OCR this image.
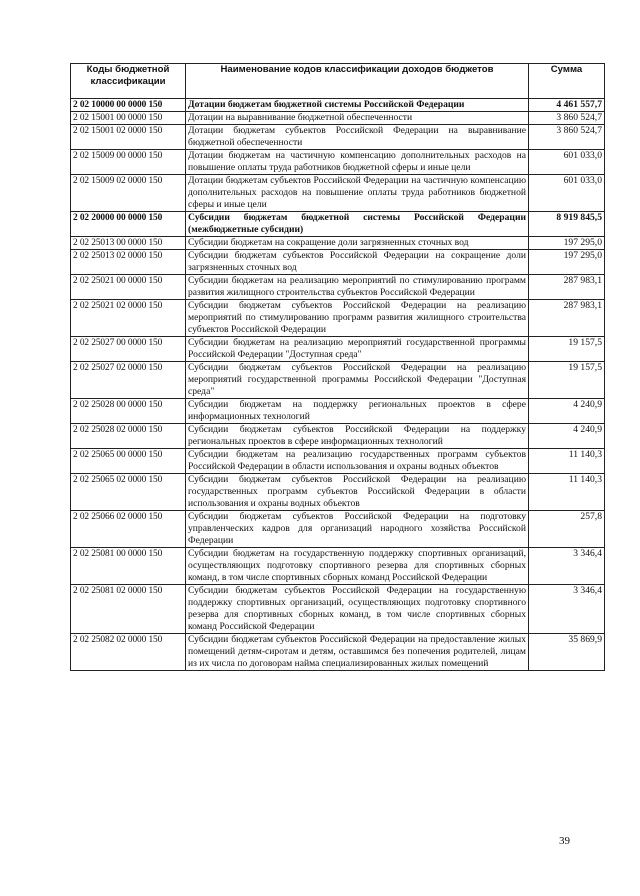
Коды бюджетной классификации	Наименование кодов классификации доходов бюджетов	Сумма
2 02 10000 00 0000 150	Дотации бюджетам бюджетной системы Российской Федерации	4 461 557,7
2 02 15001 00 0000 150	Дотации на выравнивание бюджетной обеспеченности	3 860 524,7
2 02 15001 02 0000 150	Дотации бюджетам субъектов Российской Федерации на выравнивание бюджетной обеспеченности	3 860 524,7
2 02 15009 00 0000 150	Дотации бюджетам на частичную компенсацию дополнительных расходов на повышение оплаты труда работников бюджетной сферы и иные цели	601 033,0
2 02 15009 02 0000 150	Дотации бюджетам субъектов Российской Федерации на частичную компенсацию дополнительных расходов на повышение оплаты труда работников бюджетной сферы и иные цели	601 033,0
2 02 20000 00 0000 150	Субсидии бюджетам бюджетной системы Российской Федерации (межбюджетные субсидии)	8 919 845,5
2 02 25013 00 0000 150	Субсидии бюджетам на сокращение доли загрязненных сточных вод	197 295,0
2 02 25013 02 0000 150	Субсидии бюджетам субъектов Российской Федерации на сокращение доли загрязненных сточных вод	197 295,0
2 02 25021 00 0000 150	Субсидии бюджетам на реализацию мероприятий по стимулированию программ развития жилищного строительства субъектов Российской Федерации	287 983,1
2 02 25021 02 0000 150	Субсидии бюджетам субъектов Российской Федерации на реализацию мероприятий по стимулированию программ развития жилищного строительства субъектов Российской Федерации	287 983,1
2 02 25027 00 0000 150	Субсидии бюджетам на реализацию мероприятий государственной программы Российской Федерации "Доступная среда"	19 157,5
2 02 25027 02 0000 150	Субсидии бюджетам субъектов Российской Федерации на реализацию мероприятий государственной программы Российской Федерации "Доступная среда"	19 157,5
2 02 25028 00 0000 150	Субсидии бюджетам на поддержку региональных проектов в сфере информационных технологий	4 240,9
2 02 25028 02 0000 150	Субсидии бюджетам субъектов Российской Федерации на поддержку региональных проектов в сфере информационных технологий	4 240,9
2 02 25065 00 0000 150	Субсидии бюджетам на реализацию государственных программ субъектов Российской Федерации в области использования и охраны водных объектов	11 140,3
2 02 25065 02 0000 150	Субсидии бюджетам субъектов Российской Федерации на реализацию государственных программ субъектов Российской Федерации в области использования и охраны водных объектов	11 140,3
2 02 25066 02 0000 150	Субсидии бюджетам субъектов Российской Федерации на подготовку управленческих кадров для организаций народного хозяйства Российской Федерации	257,8
2 02 25081 00 0000 150	Субсидии бюджетам на государственную поддержку спортивных организаций, осуществляющих подготовку спортивного резерва для спортивных сборных команд, в том числе спортивных сборных команд Российской Федерации	3 346,4
2 02 25081 02 0000 150	Субсидии бюджетам субъектов Российской Федерации на государственную поддержку спортивных организаций, осуществляющих подготовку спортивного резерва для спортивных сборных команд, в том числе спортивных сборных команд Российской Федерации	3 346,4
2 02 25082 02 0000 150	Субсидии бюджетам субъектов Российской Федерации на предоставление жилых помещений детям-сиротам и детям, оставшимся без попечения родителей, лицам из их числа по договорам найма специализированных жилых помещений	35 869,9
39
